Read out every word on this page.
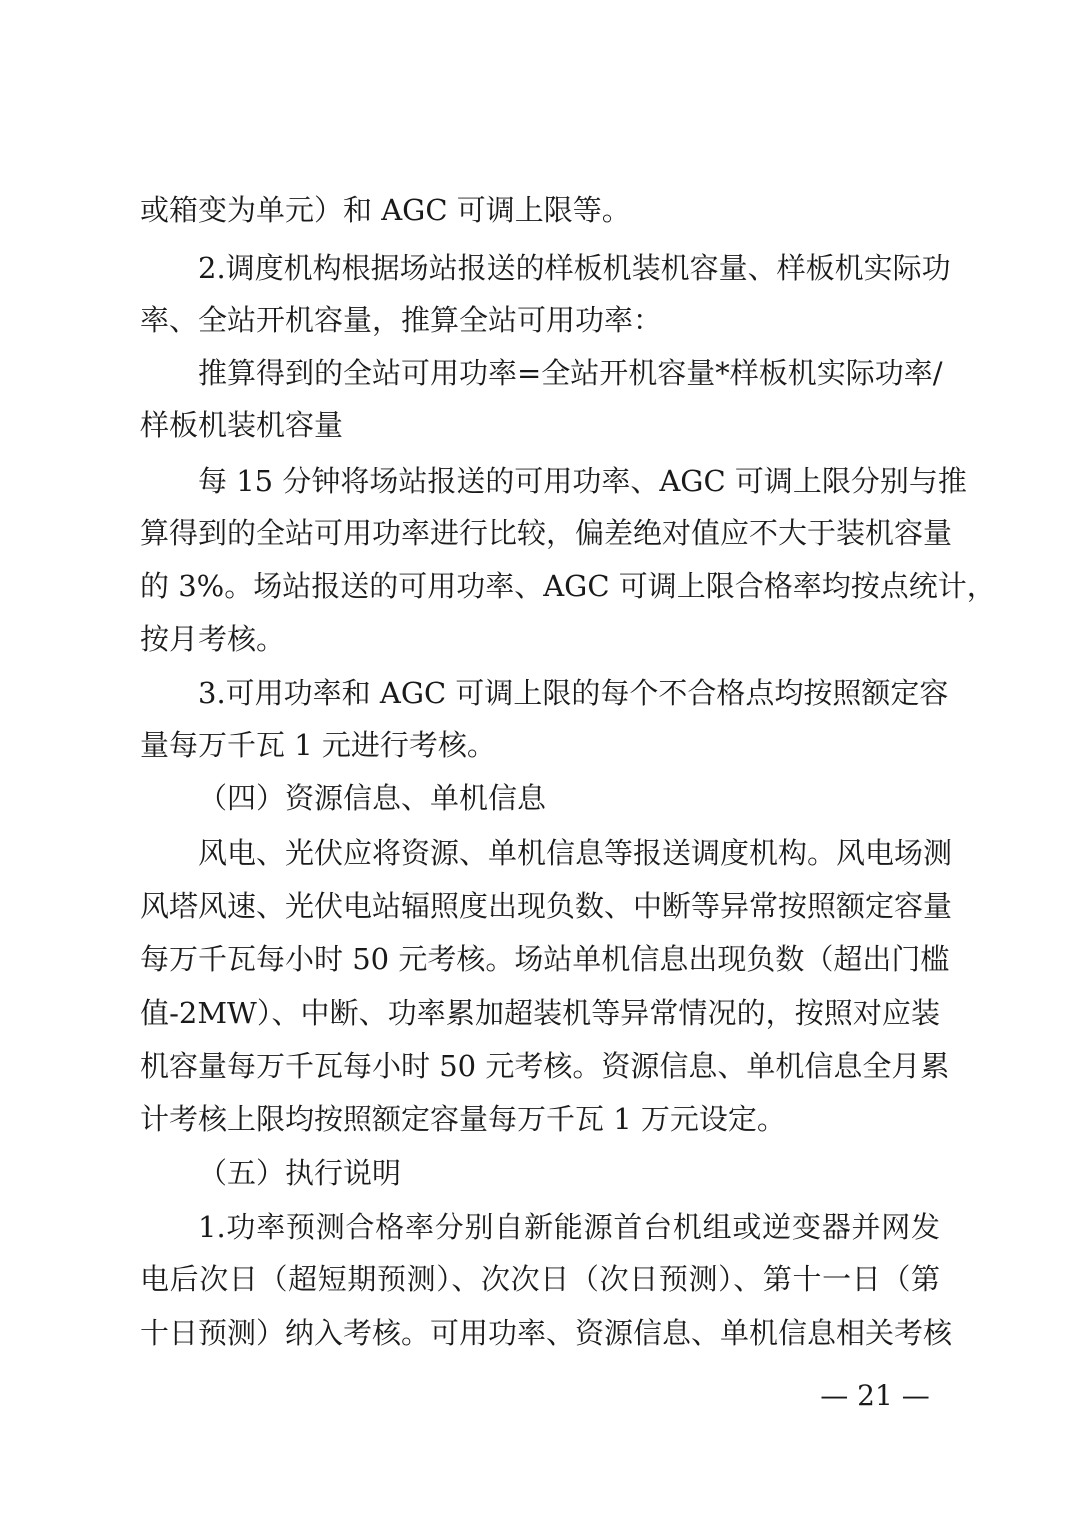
或箱变为单元）和 AGC 可调上限等。
2.调度机构根据场站报送的样板机装机容量、样板机实际功
率、全站开机容量，推算全站可用功率：
推算得到的全站可用功率=全站开机容量*样板机实际功率/
样板机装机容量
每 15 分钟将场站报送的可用功率、AGC 可调上限分别与推
算得到的全站可用功率进行比较，偏差绝对值应不大于装机容量
的 3%。场站报送的可用功率、AGC 可调上限合格率均按点统计，
按月考核。
3.可用功率和 AGC 可调上限的每个不合格点均按照额定容
量每万千瓦 1 元进行考核。
（四）资源信息、单机信息
风电、光伏应将资源、单机信息等报送调度机构。风电场测
风塔风速、光伏电站辐照度出现负数、中断等异常按照额定容量
每万千瓦每小时 50 元考核。场站单机信息出现负数（超出门槛
值-2MW）、中断、功率累加超装机等异常情况的，按照对应装
机容量每万千瓦每小时 50 元考核。资源信息、单机信息全月累
计考核上限均按照额定容量每万千瓦 1 万元设定。
（五）执行说明
1.功率预测合格率分别自新能源首台机组或逆变器并网发
电后次日（超短期预测）、次次日（次日预测）、第十一日（第
十日预测）纳入考核。可用功率、资源信息、单机信息相关考核
— 21 —
